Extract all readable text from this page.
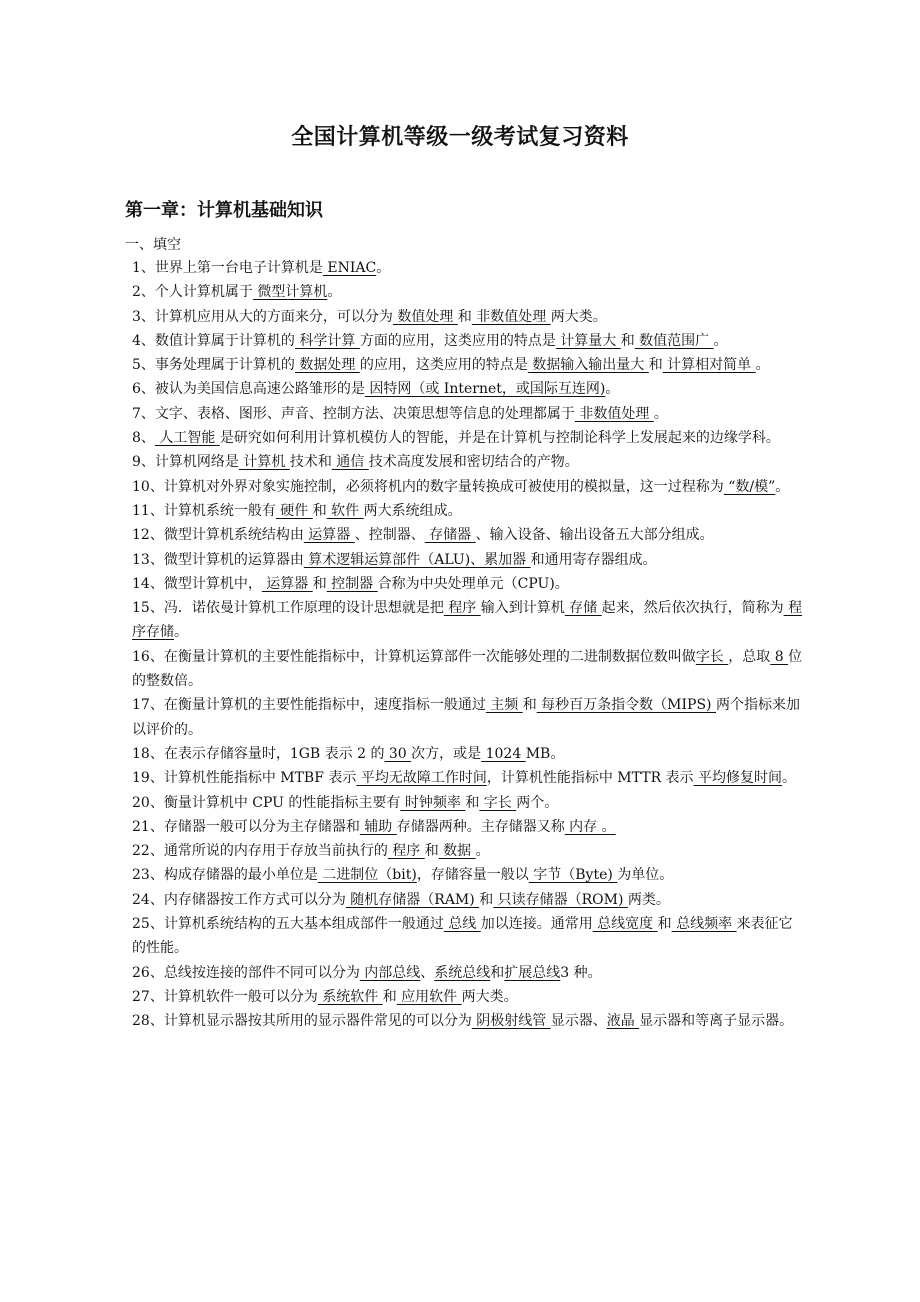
全国计算机等级一级考试复习资料
第一章：计算机基础知识

一、填空

1、世界上第一台电子计算机是 ENIAC。
2、个人计算机属于 微型计算机。
3、计算机应用从大的方面来分，可以分为 数值处理 和 非数值处理 两大类。
4、数值计算属于计算机的 科学计算 方面的应用，这类应用的特点是 计算量大 和 数值范围广 。
5、事务处理属于计算机的 数据处理 的应用，这类应用的特点是 数据输入输出量大 和 计算相对简单 。
6、被认为美国信息高速公路雏形的是 因特网（或 Internet，或国际互连网)。
7、文字、表格、图形、声音、控制方法、决策思想等信息的处理都属于 非数值处理 。
8、 人工智能 是研究如何利用计算机模仿人的智能，并是在计算机与控制论科学上发展起来的边缘学科。
9、计算机网络是 计算机 技术和 通信 技术高度发展和密切结合的产物。
10、计算机对外界对象实施控制，必须将机内的数字量转换成可被使用的模拟量，这一过程称为 “数/模”。
11、计算机系统一般有 硬件 和 软件 两大系统组成。
12、微型计算机系统结构由 运算器 、控制器、 存储器 、输入设备、输出设备五大部分组成。
13、微型计算机的运算器由 算术逻辑运算部件（ALU)、累加器 和通用寄存器组成。
14、微型计算机中， 运算器 和 控制器 合称为中央处理单元（CPU)。
15、冯．诺依曼计算机工作原理的设计思想就是把 程序 输入到计算机 存储 起来，然后依次执行，简称为 程序存储。
16、在衡量计算机的主要性能指标中，计算机运算部件一次能够处理的二进制数据位数叫做字长 ，总取 8 位的整数倍。
17、在衡量计算机的主要性能指标中，速度指标一般通过 主频 和 每秒百万条指令数（MIPS) 两个指标来加以评价的。
18、在表示存储容量时，1GB 表示 2 的 30 次方，或是 1024 MB。
19、计算机性能指标中 MTBF 表示 平均无故障工作时间，计算机性能指标中 MTTR 表示 平均修复时间。
20、衡量计算机中 CPU 的性能指标主要有 时钟频率 和 字长 两个。
21、存储器一般可以分为主存储器和 辅助 存储器两种。主存储器又称 内存 。
22、通常所说的内存用于存放当前执行的 程序 和 数据 。
23、构成存储器的最小单位是 二进制位（bit)，存储容量一般以 字节（Byte) 为单位。
24、内存储器按工作方式可以分为 随机存储器（RAM) 和 只读存储器（ROM) 两类。
25、计算机系统结构的五大基本组成部件一般通过 总线 加以连接。通常用 总线宽度 和 总线频率 来表征它的性能。
26、总线按连接的部件不同可以分为 内部总线、系统总线和扩展总线3 种。
27、计算机软件一般可以分为 系统软件 和 应用软件 两大类。
28、计算机显示器按其所用的显示器件常见的可以分为 阴极射线管 显示器、液晶 显示器和等离子显示器。
